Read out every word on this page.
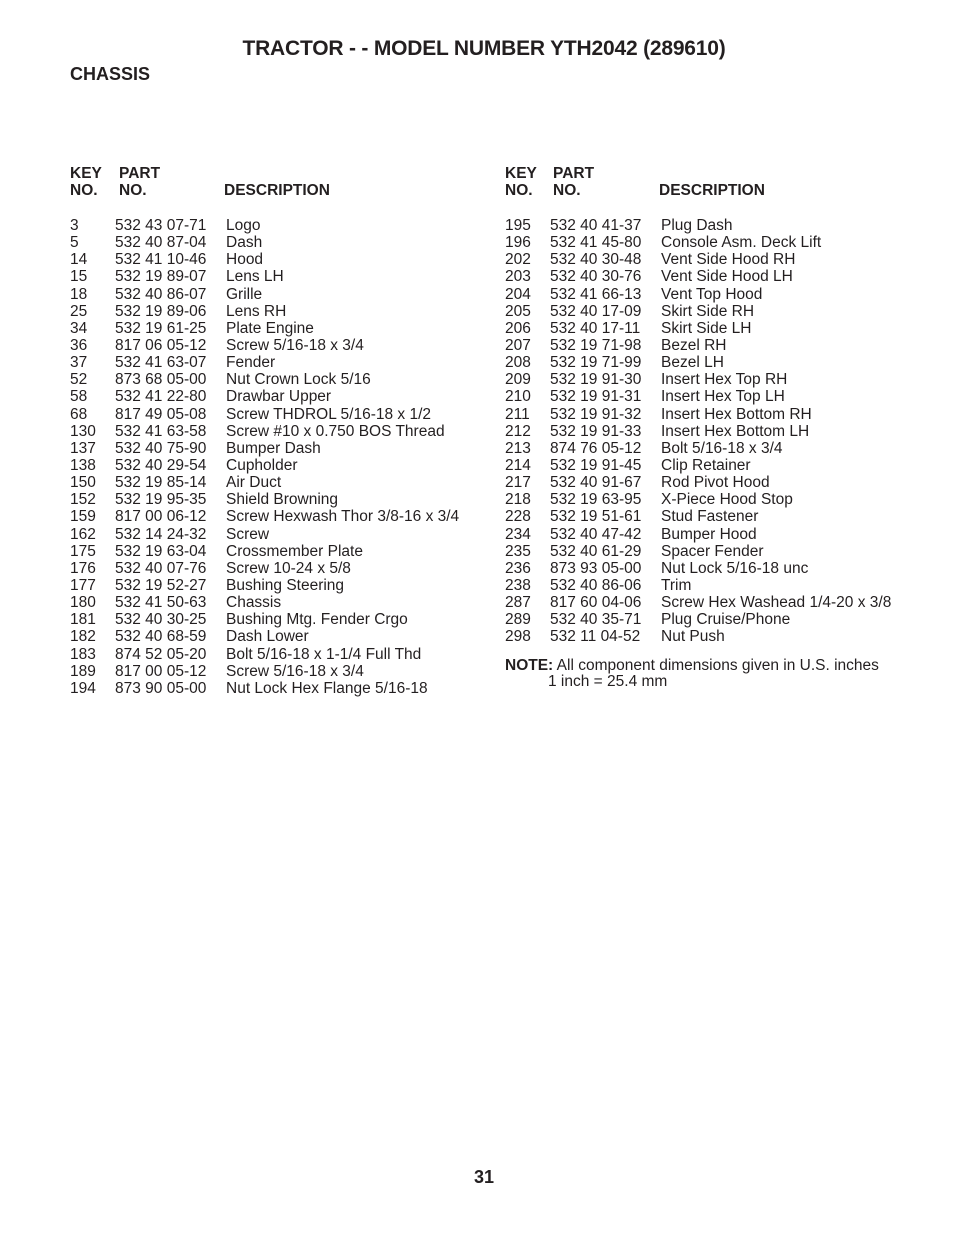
TRACTOR - - MODEL NUMBER YTH2042 (289610)
CHASSIS
KEY
NO.
PART
NO.	DESCRIPTION
3 532 43 07-71 Logo
5 532 40 87-04 Dash
14 532 41 10-46 Hood
15 532 19 89-07 Lens LH
18 532 40 86-07 Grille
25 532 19 89-06 Lens RH
34 532 19 61-25 Plate Engine
36 817 06 05-12 Screw 5/16-18 x 3/4
37 532 41 63-07 Fender
52 873 68 05-00 Nut Crown Lock 5/16
58 532 41 22-80 Drawbar Upper
68 817 49 05-08 Screw THDROL 5/16-18 x 1/2
130 532 41 63-58 Screw #10 x 0.750 BOS Thread
137 532 40 75-90 Bumper Dash
138 532 40 29-54 Cupholder
150 532 19 85-14 Air Duct
152 532 19 95-35 Shield Browning
159 817 00 06-12 Screw Hexwash Thor 3/8-16 x 3/4
162 532 14 24-32 Screw
175 532 19 63-04 Crossmember Plate
176 532 40 07-76 Screw 10-24 x 5/8
177 532 19 52-27 Bushing Steering
180 532 41 50-63 Chassis
181 532 40 30-25 Bushing Mtg. Fender Crgo
182 532 40 68-59 Dash Lower
183 874 52 05-20 Bolt 5/16-18 x 1-1/4 Full Thd
189 817 00 05-12 Screw 5/16-18 x 3/4
194 873 90 05-00 Nut Lock Hex Flange 5/16-18
KEY
NO.
PART
NO.	DESCRIPTION
195 532 40 41-37 Plug Dash
196 532 41 45-80 Console Asm. Deck Lift
202 532 40 30-48 Vent Side Hood RH
203 532 40 30-76 Vent Side Hood LH
204 532 41 66-13 Vent Top Hood
205 532 40 17-09 Skirt Side RH
206 532 40 17-11 Skirt Side LH
207 532 19 71-98 Bezel RH
208 532 19 71-99 Bezel LH
209 532 19 91-30 Insert Hex Top RH
210 532 19 91-31 Insert Hex Top LH
211 532 19 91-32 Insert Hex Bottom RH
212 532 19 91-33 Insert Hex Bottom LH
213 874 76 05-12 Bolt 5/16-18 x 3/4
214 532 19 91-45 Clip Retainer
217 532 40 91-67 Rod Pivot Hood
218 532 19 63-95 X-Piece Hood Stop
228 532 19 51-61 Stud Fastener
234 532 40 47-42 Bumper Hood
235 532 40 61-29 Spacer Fender
236 873 93 05-00 Nut Lock 5/16-18 unc
238 532 40 86-06 Trim
287 817 60 04-06 Screw Hex Washead 1/4-20 x 3/8
289 532 40 35-71 Plug Cruise/Phone
298 532 11 04-52 Nut Push
NOTE: All component dimensions given in U.S. inches
1 inch = 25.4 mm
31
